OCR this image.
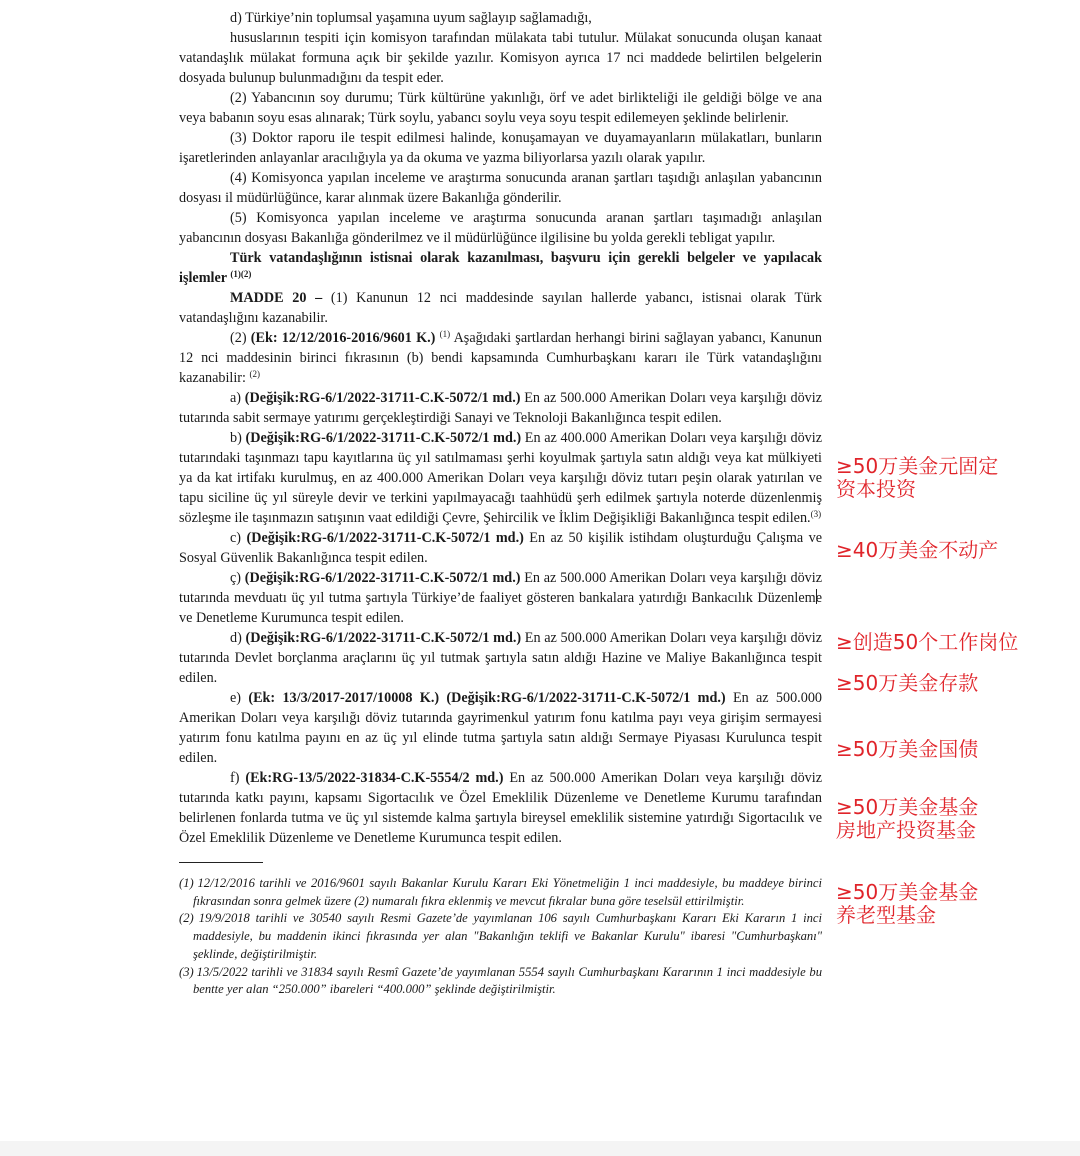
d) Türkiye’nin toplumsal yaşamına uyum sağlayıp sağlamadığı,

hususlarının tespiti için komisyon tarafından mülakata tabi tutulur. Mülakat sonucunda oluşan kanaat vatandaşlık mülakat formuna açık bir şekilde yazılır. Komisyon ayrıca 17 nci maddede belirtilen belgelerin dosyada bulunup bulunmadığını da tespit eder.

(2) Yabancının soy durumu; Türk kültürüne yakınlığı, örf ve adet birlikteliği ile geldiği bölge ve ana veya babanın soyu esas alınarak; Türk soylu, yabancı soylu veya soyu tespit edilemeyen şeklinde belirlenir.

(3) Doktor raporu ile tespit edilmesi halinde, konuşamayan ve duyamayanların mülakatları, bunların işaretlerinden anlayanlar aracılığıyla ya da okuma ve yazma biliyorlarsa yazılı olarak yapılır.

(4) Komisyonca yapılan inceleme ve araştırma sonucunda aranan şartları taşıdığı anlaşılan yabancının dosyası il müdürlüğünce, karar alınmak üzere Bakanlığa gönderilir.

(5) Komisyonca yapılan inceleme ve araştırma sonucunda aranan şartları taşımadığı anlaşılan yabancının dosyası Bakanlığa gönderilmez ve il müdürlüğünce ilgilisine bu yolda gerekli tebligat yapılır.

Türk vatandaşlığının istisnai olarak kazanılması, başvuru için gerekli belgeler ve yapılacak işlemler $^{(1)(2)}$

MADDE 20 – (1) Kanunun 12 nci maddesinde sayılan hallerde yabancı, istisnai olarak Türk vatandaşlığını kazanabilir.

(2) (Ek: 12/12/2016-2016/9601 K.) $^{(1)}$ Aşağıdaki şartlardan herhangi birini sağlayan yabancı, Kanunun 12 nci maddesinin birinci fıkrasının (b) bendi kapsamında Cumhurbaşkanı kararı ile Türk vatandaşlığını kazanabilir: $^{(2)}$

a) (Değişik:RG-6/1/2022-31711-C.K-5072/1 md.) En az 500.000 Amerikan Doları veya karşılığı döviz tutarında sabit sermaye yatırımı gerçekleştirdiği Sanayi ve Teknoloji Bakanlığınca tespit edilen.

b) (Değişik:RG-6/1/2022-31711-C.K-5072/1 md.) En az 400.000 Amerikan Doları veya karşılığı döviz tutarındaki taşınmazı tapu kayıtlarına üç yıl satılmaması şerhi koyulmak şartıyla satın aldığı veya kat mülkiyeti ya da kat irtifakı kurulmuş, en az 400.000 Amerikan Doları veya karşılığı döviz tutarı peşin olarak yatırılan ve tapu siciline üç yıl süreyle devir ve terkini yapılmayacağı taahhüdü şerh edilmek şartıyla noterde düzenlenmiş sözleşme ile taşınmazın satışının vaat edildiği Çevre, Şehircilik ve İklim Değişikliği Bakanlığınca tespit edilen.$^{(3)}$

c) (Değişik:RG-6/1/2022-31711-C.K-5072/1 md.) En az 50 kişilik istihdam oluşturduğu Çalışma ve Sosyal Güvenlik Bakanlığınca tespit edilen.

ç) (Değişik:RG-6/1/2022-31711-C.K-5072/1 md.) En az 500.000 Amerikan Doları veya karşılığı döviz tutarında mevduatı üç yıl tutma şartıyla Türkiye’de faaliyet gösteren bankalara yatırdığı Bankacılık Düzenleme ve Denetleme Kurumunca tespit edilen.

d) (Değişik:RG-6/1/2022-31711-C.K-5072/1 md.) En az 500.000 Amerikan Doları veya karşılığı döviz tutarında Devlet borçlanma araçlarını üç yıl tutmak şartıyla satın aldığı Hazine ve Maliye Bakanlığınca tespit edilen.

e) (Ek: 13/3/2017-2017/10008 K.) (Değişik:RG-6/1/2022-31711-C.K-5072/1 md.) En az 500.000 Amerikan Doları veya karşılığı döviz tutarında gayrimenkul yatırım fonu katılma payı veya girişim sermayesi yatırım fonu katılma payını en az üç yıl elinde tutma şartıyla satın aldığı Sermaye Piyasası Kurulunca tespit edilen.

f) (Ek:RG-13/5/2022-31834-C.K-5554/2 md.) En az 500.000 Amerikan Doları veya karşılığı döviz tutarında katkı payını, kapsamı Sigortacılık ve Özel Emeklilik Düzenleme ve Denetleme Kurumu tarafından belirlenen fonlarda tutma ve üç yıl sistemde kalma şartıyla bireysel emeklilik sistemine yatırdığı Sigortacılık ve Özel Emeklilik Düzenleme ve Denetleme Kurumunca tespit edilen.

(1) 12/12/2016 tarihli ve 2016/9601 sayılı Bakanlar Kurulu Kararı Eki Yönetmeliğin 1 inci maddesiyle, bu maddeye birinci fıkrasından sonra gelmek üzere (2) numaralı fıkra eklenmiş ve mevcut fıkralar buna göre teselsül ettirilmiştir.

(2) 19/9/2018 tarihli ve 30540 sayılı Resmi Gazete’de yayımlanan 106 sayılı Cumhurbaşkanı Kararı Eki Kararın 1 inci maddesiyle, bu maddenin ikinci fıkrasında yer alan "Bakanlığın teklifi ve Bakanlar Kurulu" ibaresi "Cumhurbaşkanı" şeklinde, değiştirilmiştir.

(3) 13/5/2022 tarihli ve 31834 sayılı Resmî Gazete’de yayımlanan 5554 sayılı Cumhurbaşkanı Kararının 1 inci maddesiyle bu bentte yer alan “250.000” ibareleri “400.000” şeklinde değiştirilmiştir.

≥50万美金元固定
资本投资
≥40万美金不动产
≥创造50个工作岗位
≥50万美金存款
≥50万美金国债
≥50万美金基金
房地产投资基金
≥50万美金基金
养老型基金
